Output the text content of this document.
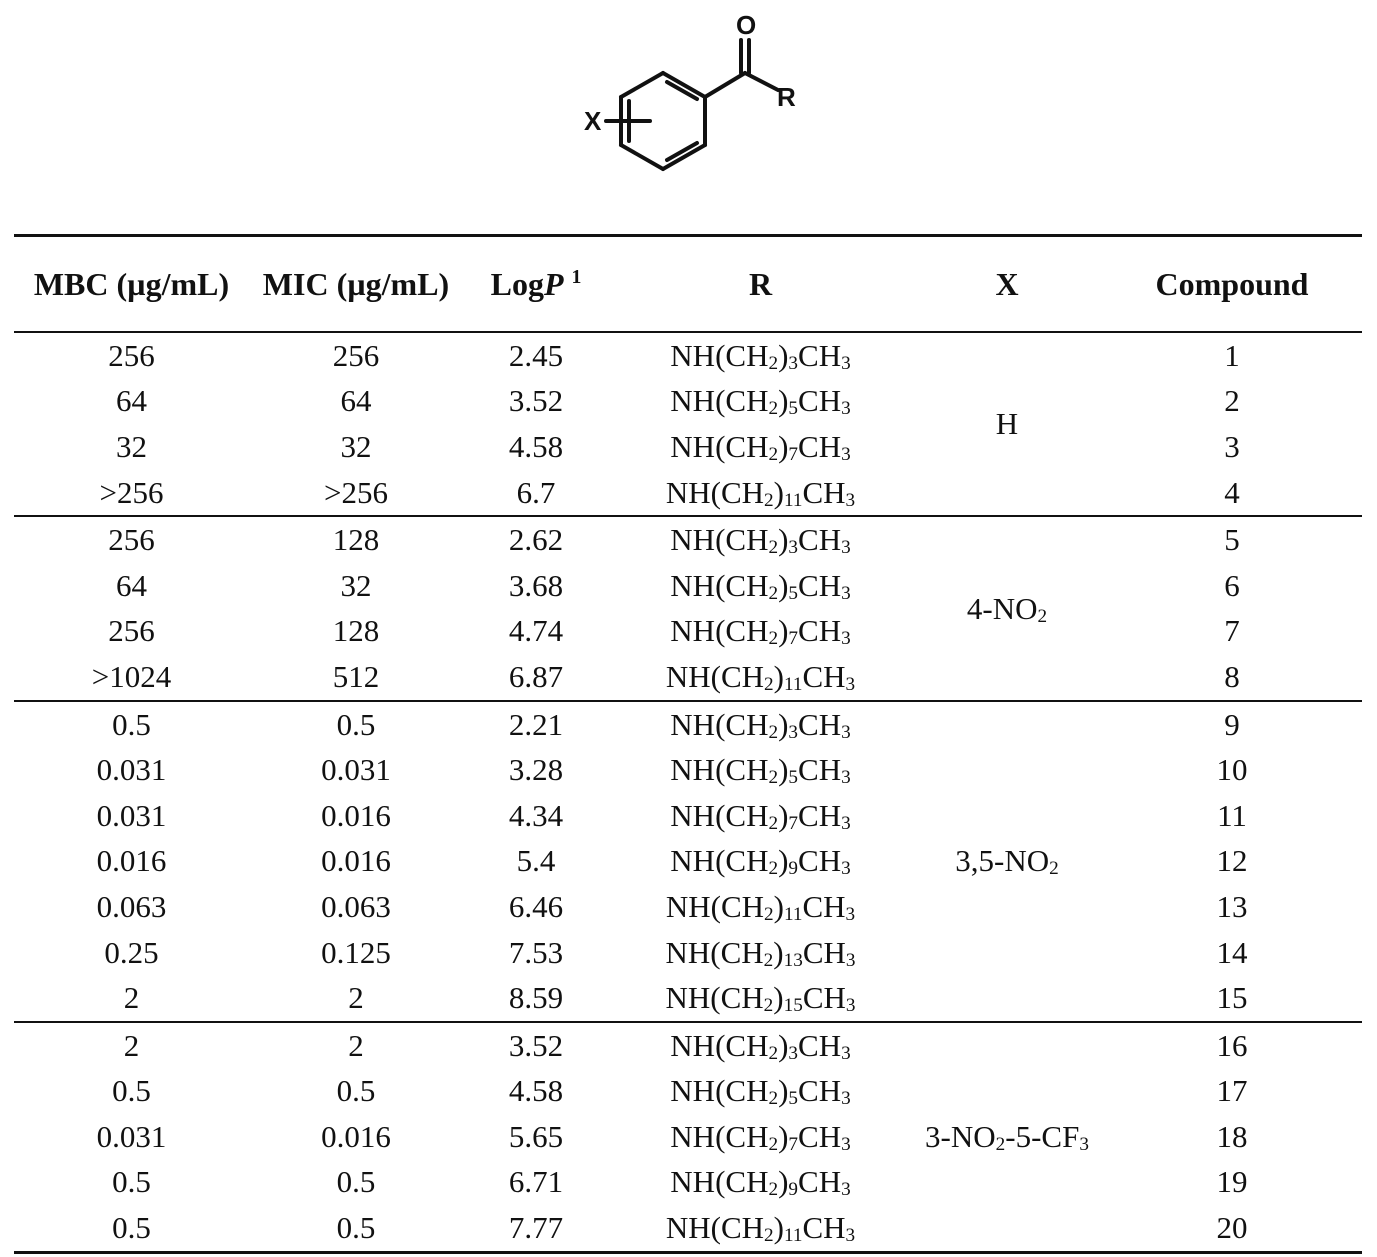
O
R
X
MBC (µg/mL)	MIC (µg/mL)	LogP $^1$	R	X	Compound
256	256	2.45	$NH(CH_2)_3CH_3$	H	1
64	64	3.52	$NH(CH_2)_5CH_3$		2
32	32	4.58	$NH(CH_2)_7CH_3$		3
>256	>256	6.7	$NH(CH_2)_{11}CH_3$		4
256	128	2.62	$NH(CH_2)_3CH_3$	$4-NO_2$	5
64	32	3.68	$NH(CH_2)_5CH_3$		6
256	128	4.74	$NH(CH_2)_7CH_3$		7
>1024	512	6.87	$NH(CH_2)_{11}CH_3$		8
0.5	0.5	2.21	$NH(CH_2)_3CH_3$	$3,5-NO_2$	9
0.031	0.031	3.28	$NH(CH_2)_5CH_3$		10
0.031	0.016	4.34	$NH(CH_2)_7CH_3$		11
0.016	0.016	5.4	$NH(CH_2)_9CH_3$		12
0.063	0.063	6.46	$NH(CH_2)_{11}CH_3$		13
0.25	0.125	7.53	$NH(CH_2)_{13}CH_3$		14
2	2	8.59	$NH(CH_2)_{15}CH_3$		15
2	2	3.52	$NH(CH_2)_3CH_3$	$3-NO_2-5-CF_3$	16
0.5	0.5	4.58	$NH(CH_2)_5CH_3$		17
0.031	0.016	5.65	$NH(CH_2)_7CH_3$		18
0.5	0.5	6.71	$NH(CH_2)_9CH_3$		19
0.5	0.5	7.77	$NH(CH_2)_{11}CH_3$		20
